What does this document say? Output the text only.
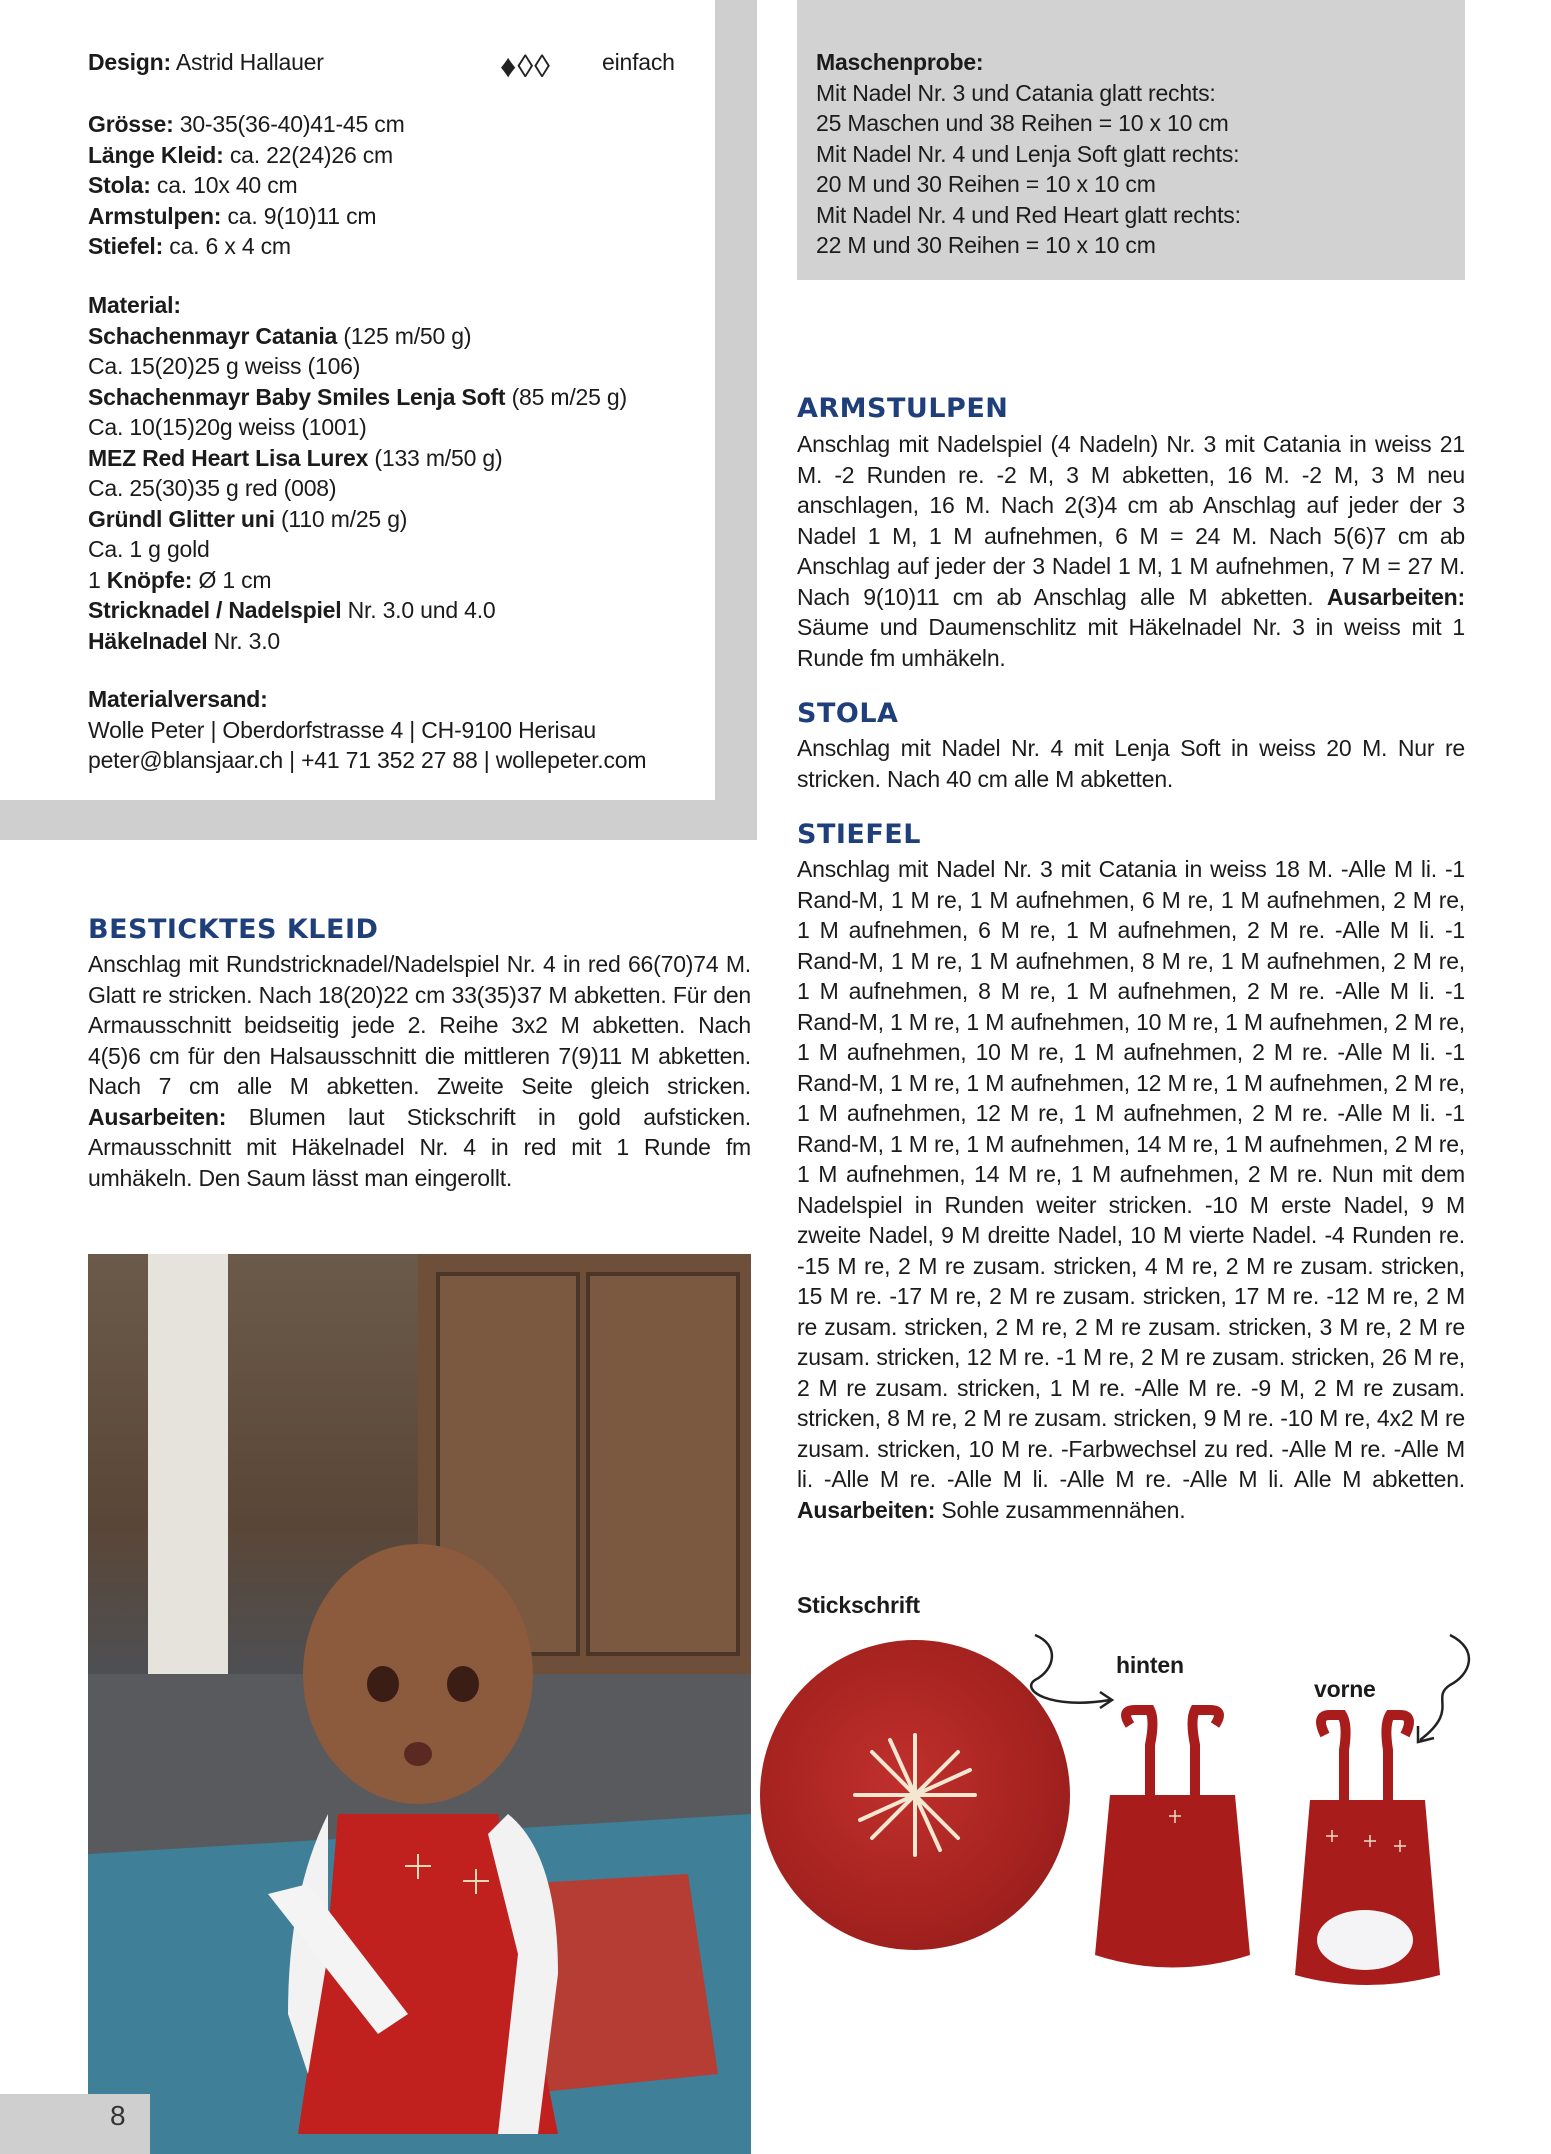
Design: Astrid Hallauer	♦◊◊ einfach
Grösse: 30-35(36-40)41-45 cm
Länge Kleid: ca. 22(24)26 cm
Stola: ca. 10x 40 cm
Armstulpen: ca. 9(10)11 cm
Stiefel: ca. 6 x 4 cm
Material:
Schachenmayr Catania (125 m/50 g)
Ca. 15(20)25 g weiss (106)
Schachenmayr Baby Smiles Lenja Soft (85 m/25 g)
Ca. 10(15)20g weiss (1001)
MEZ Red Heart Lisa Lurex (133 m/50 g)
Ca. 25(30)35 g red (008)
Gründl Glitter uni (110 m/25 g)
Ca. 1 g gold
1 Knöpfe: Ø 1 cm
Stricknadel / Nadelspiel Nr. 3.0 und 4.0
Häkelnadel Nr. 3.0
Materialversand:
Wolle Peter | Oberdorfstrasse 4 | CH-9100 Herisau
peter@blansjaar.ch | +41 71 352 27 88 | wollepeter.com
Maschenprobe:
Mit Nadel Nr. 3 und Catania glatt rechts:
25 Maschen und 38 Reihen = 10 x 10 cm
Mit Nadel Nr. 4 und Lenja Soft glatt rechts:
20 M und 30 Reihen = 10 x 10 cm
Mit Nadel Nr. 4 und Red Heart glatt rechts:
22 M und 30 Reihen = 10 x 10 cm
ARMSTULPEN
Anschlag mit Nadelspiel (4 Nadeln) Nr. 3 mit Catania in weiss 21 M. -2 Runden re. -2 M, 3 M abketten, 16 M. -2 M, 3 M neu anschlagen, 16 M. Nach 2(3)4 cm ab Anschlag auf jeder der 3 Nadel 1 M, 1 M aufnehmen, 6 M = 24 M. Nach 5(6)7 cm ab Anschlag auf jeder der 3 Nadel 1 M, 1 M aufnehmen, 7 M = 27 M. Nach 9(10)11 cm ab Anschlag alle M abketten. Ausarbeiten: Säume und Daumenschlitz mit Häkelnadel Nr. 3 in weiss mit 1 Runde fm umhäkeln.
STOLA
Anschlag mit Nadel Nr. 4 mit Lenja Soft in weiss 20 M. Nur re stricken. Nach 40 cm alle M abketten.
STIEFEL
Anschlag mit Nadel Nr. 3 mit Catania in weiss 18 M. -Alle M li. -1 Rand-M, 1 M re, 1 M aufnehmen, 6 M re, 1 M aufnehmen, 2 M re, 1 M aufnehmen, 6 M re, 1 M aufnehmen, 2 M re. -Alle M li. -1 Rand-M, 1 M re, 1 M aufnehmen, 8 M re, 1 M aufnehmen, 2 M re, 1 M aufnehmen, 8 M re, 1 M aufnehmen, 2 M re. -Alle M li. -1 Rand-M, 1 M re, 1 M aufnehmen, 10 M re, 1 M aufnehmen, 2 M re, 1 M aufnehmen, 10 M re, 1 M aufnehmen, 2 M re. -Alle M li. -1 Rand-M, 1 M re, 1 M aufnehmen, 12 M re, 1 M aufnehmen, 2 M re, 1 M aufnehmen, 12 M re, 1 M aufnehmen, 2 M re. -Alle M li. -1 Rand-M, 1 M re, 1 M aufnehmen, 14 M re, 1 M aufnehmen, 2 M re, 1 M aufnehmen, 14 M re, 1 M aufnehmen, 2 M re. Nun mit dem Nadelspiel in Runden weiter stricken. -10 M erste Nadel, 9 M zweite Nadel, 9 M dreitte Nadel, 10 M vierte Nadel. -4 Runden re. -15 M re, 2 M re zusam. stricken, 4 M re, 2 M re zusam. stricken, 15 M re. -17 M re, 2 M re zusam. stricken, 17 M re. -12 M re, 2 M re zusam. stricken, 2 M re, 2 M re zusam. stricken, 3 M re, 2 M re zusam. stricken, 12 M re. -1 M re, 2 M re zusam. stricken, 26 M re, 2 M re zusam. stricken, 1 M re. -Alle M re. -9 M, 2 M re zusam. stricken, 8 M re, 2 M re zusam. stricken, 9 M re. -10 M re, 4x2 M re zusam. stricken, 10 M re. -Farbwechsel zu red. -Alle M re. -Alle M li. -Alle M re. -Alle M li. -Alle M re. -Alle M li. Alle M abketten. Ausarbeiten: Sohle zusammennähen.
BESTICKTES KLEID
Anschlag mit Rundstricknadel/Nadelspiel Nr. 4 in red 66(70)74 M. Glatt re stricken. Nach 18(20)22 cm 33(35)37 M abketten. Für den Armausschnitt beidseitig jede 2. Reihe 3x2 M abketten. Nach 4(5)6 cm für den Halsausschnitt die mittleren 7(9)11 M abketten. Nach 7 cm alle M abketten. Zweite Seite gleich stricken. Ausarbeiten: Blumen laut Stickschrift in gold aufsticken. Armausschnitt mit Häkelnadel Nr. 4 in red mit 1 Runde fm umhäkeln. Den Saum lässt man eingerollt.
Stickschrift
hinten
vorne
8
